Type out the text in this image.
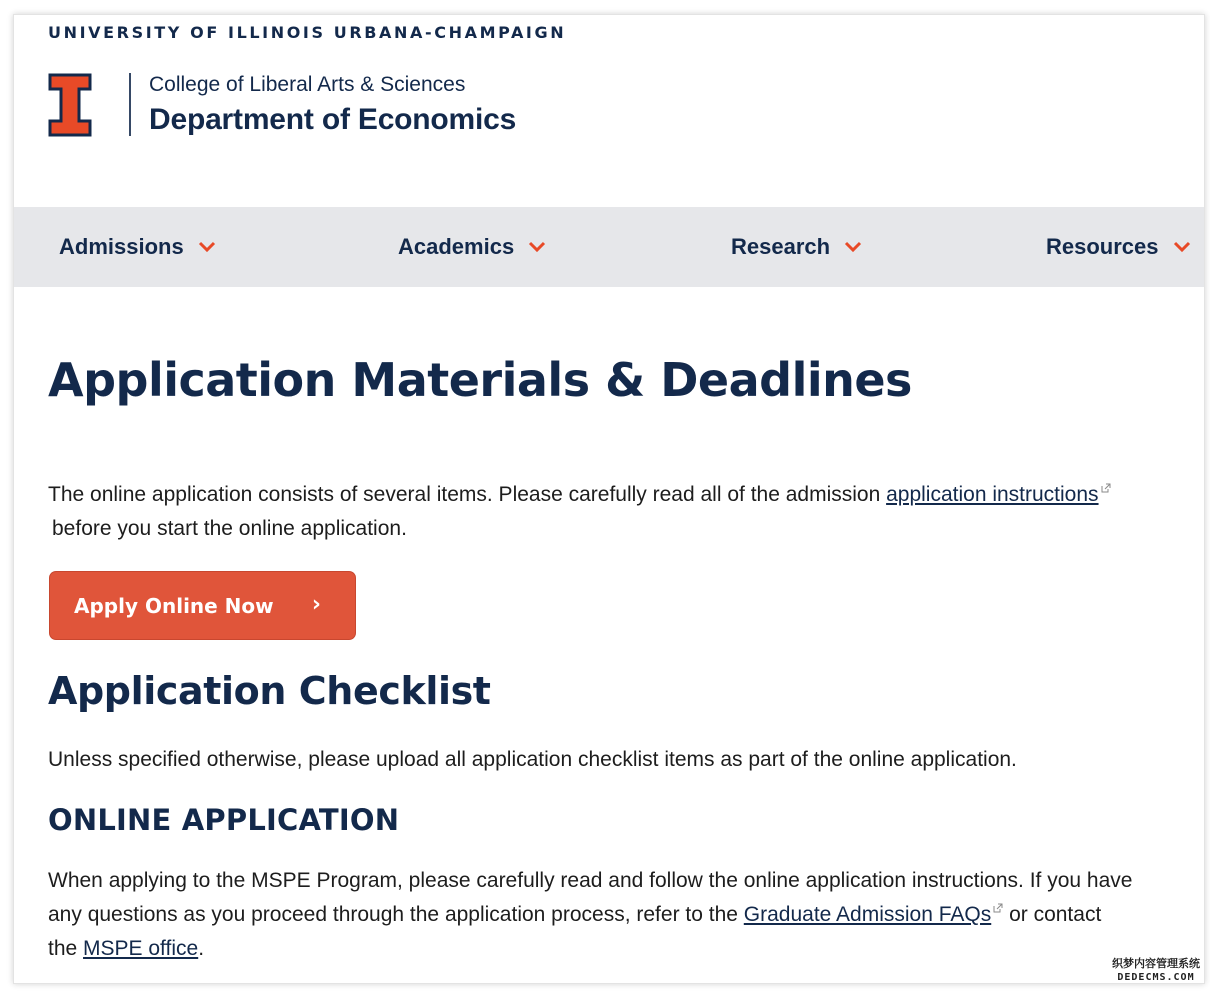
UNIVERSITY OF ILLINOIS URBANA-CHAMPAIGN
College of Liberal Arts & Sciences
Department of Economics
Admissions	Academics	Research	Resources
Application Materials & Deadlines

The online application consists of several items. Please carefully read all of the admission application instructions
before you start the online application.

Apply Online Now ›
Application Checklist

Unless specified otherwise, please upload all application checklist items as part of the online application.

ONLINE APPLICATION

When applying to the MSPE Program, please carefully read and follow the online application instructions. If you have
any questions as you proceed through the application process, refer to the Graduate Admission FAQs or contact
the MSPE office.

织梦内容管理系统
DEDECMS.COM
